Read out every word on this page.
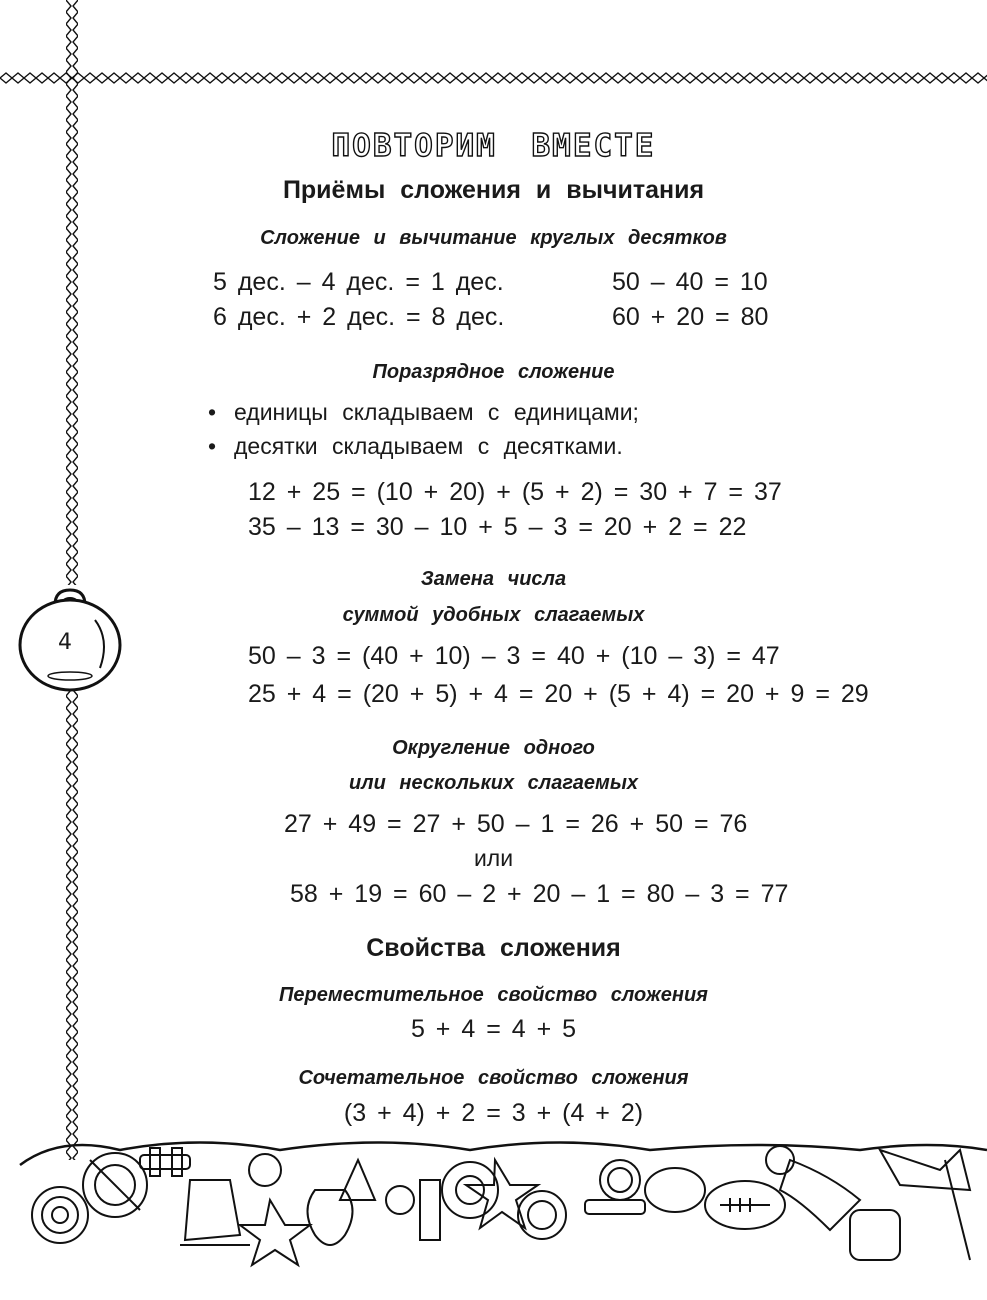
4
ПОВТОРИМ ВМЕСТЕ
Приёмы сложения и вычитания
Сложение и вычитание круглых десятков
5 дес. – 4 дес. = 1 дес.	50 – 40 = 10
6 дес. + 2 дес. = 8 дес.	60 + 20 = 80
Поразрядное сложение
• единицы складываем с единицами;
• десятки складываем с десятками.
12 + 25 = (10 + 20) + (5 + 2) = 30 + 7 = 37
35 – 13 = 30 – 10 + 5 – 3 = 20 + 2 = 22
Замена числа
суммой удобных слагаемых
50 – 3 = (40 + 10) – 3 = 40 + (10 – 3) = 47
25 + 4 = (20 + 5) + 4 = 20 + (5 + 4) = 20 + 9 = 29
Округление одного
или нескольких слагаемых
27 + 49 = 27 + 50 – 1 = 26 + 50 = 76
или
58 + 19 = 60 – 2 + 20 – 1 = 80 – 3 = 77
Свойства сложения
Переместительное свойство сложения
5 + 4 = 4 + 5
Сочетательное свойство сложения
(3 + 4) + 2 = 3 + (4 + 2)
